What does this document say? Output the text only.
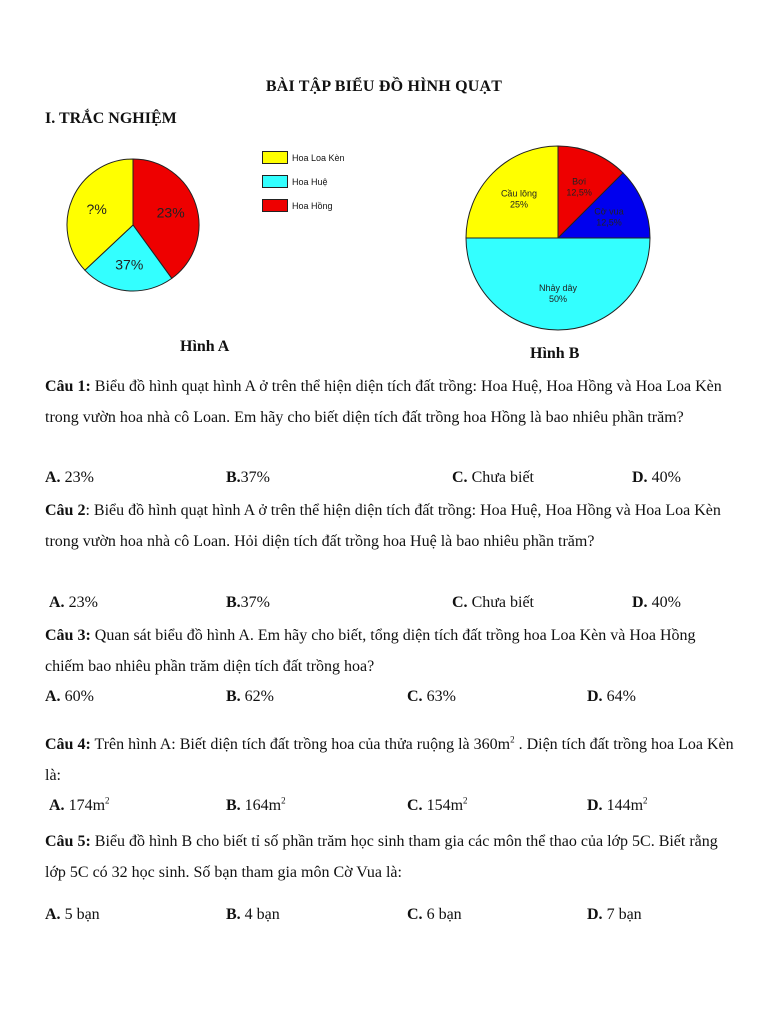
BÀI TẬP BIỂU ĐỒ HÌNH QUẠT
I. TRẮC NGHIỆM
23%
37%
?%
Hoa Loa Kèn
Hoa Huệ
Hoa Hồng
Bơi
12,5%
Cờ vua
12,5%
Nhảy dây
50%
Cầu lông
25%
Hình A	Hình B
Câu 1: Biểu đồ hình quạt hình A ở trên thể hiện diện tích đất trồng: Hoa Huệ, Hoa Hồng và Hoa Loa Kèn trong vườn hoa nhà cô Loan. Em hãy cho biết diện tích đất trồng hoa Hồng là bao nhiêu phần trăm?
A. 23%	B.37%	C. Chưa biết	D. 40%
Câu 2: Biểu đồ hình quạt hình A ở trên thể hiện diện tích đất trồng: Hoa Huệ, Hoa Hồng và Hoa Loa Kèn trong vườn hoa nhà cô Loan. Hỏi diện tích đất trồng hoa Huệ là bao nhiêu phần trăm?
A. 23%	B.37%	C. Chưa biết	D. 40%
Câu 3: Quan sát biểu đồ hình A. Em hãy cho biết, tổng diện tích đất trồng hoa Loa Kèn và Hoa Hồng chiếm bao nhiêu phần trăm diện tích đất trồng hoa?
A. 60%	B. 62%	C. 63%	D. 64%
Câu 4: Trên hình A: Biết diện tích đất trồng hoa của thửa ruộng là $360m^2$ . Diện tích đất trồng hoa Loa Kèn là:
A. $174m^2$	B. $164m^2$	C. $154m^2$	D. $144m^2$
Câu 5: Biểu đồ hình B cho biết tỉ số phần trăm học sinh tham gia các môn thể thao của lớp 5C. Biết rằng lớp 5C có 32 học sinh. Số bạn tham gia môn Cờ Vua là:
A. 5 bạn	B. 4 bạn	C. 6 bạn	D. 7 bạn
